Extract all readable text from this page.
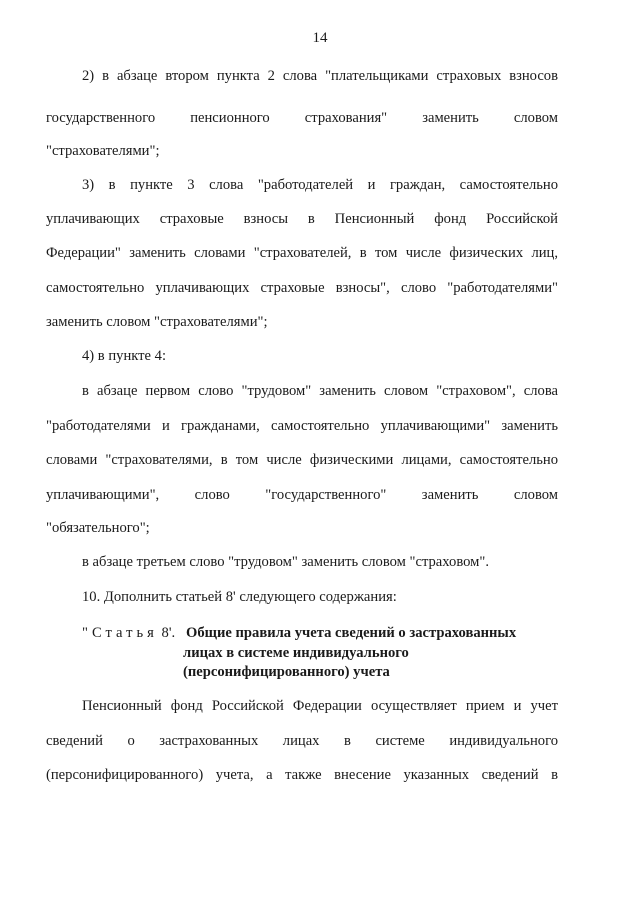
14
2) в абзаце втором пункта 2 слова "плательщиками страховых взносов
государственного пенсионного страхования" заменить словом
"страхователями";
3) в пункте 3 слова "работодателей и граждан, самостоятельно
уплачивающих страховые взносы в Пенсионный фонд Российской
Федерации" заменить словами "страхователей, в том числе физических лиц,
самостоятельно уплачивающих страховые взносы", слово "работодателями"
заменить словом "страхователями";
4) в пункте 4:
в абзаце первом слово "трудовом" заменить словом "страховом", слова
"работодателями и гражданами, самостоятельно уплачивающими" заменить
словами "страхователями, в том числе физическими лицами, самостоятельно
уплачивающими", слово "государственного" заменить словом
"обязательного";
в абзаце третьем слово "трудовом" заменить словом "страховом".
10. Дополнить статьей 8' следующего содержания:
"Статья 8'. Общие правила учета сведений о застрахованных
лицах в системе индивидуального
(персонифицированного) учета
Пенсионный фонд Российской Федерации осуществляет прием и учет
сведений о застрахованных лицах в системе индивидуального
(персонифицированного) учета, а также внесение указанных сведений в
